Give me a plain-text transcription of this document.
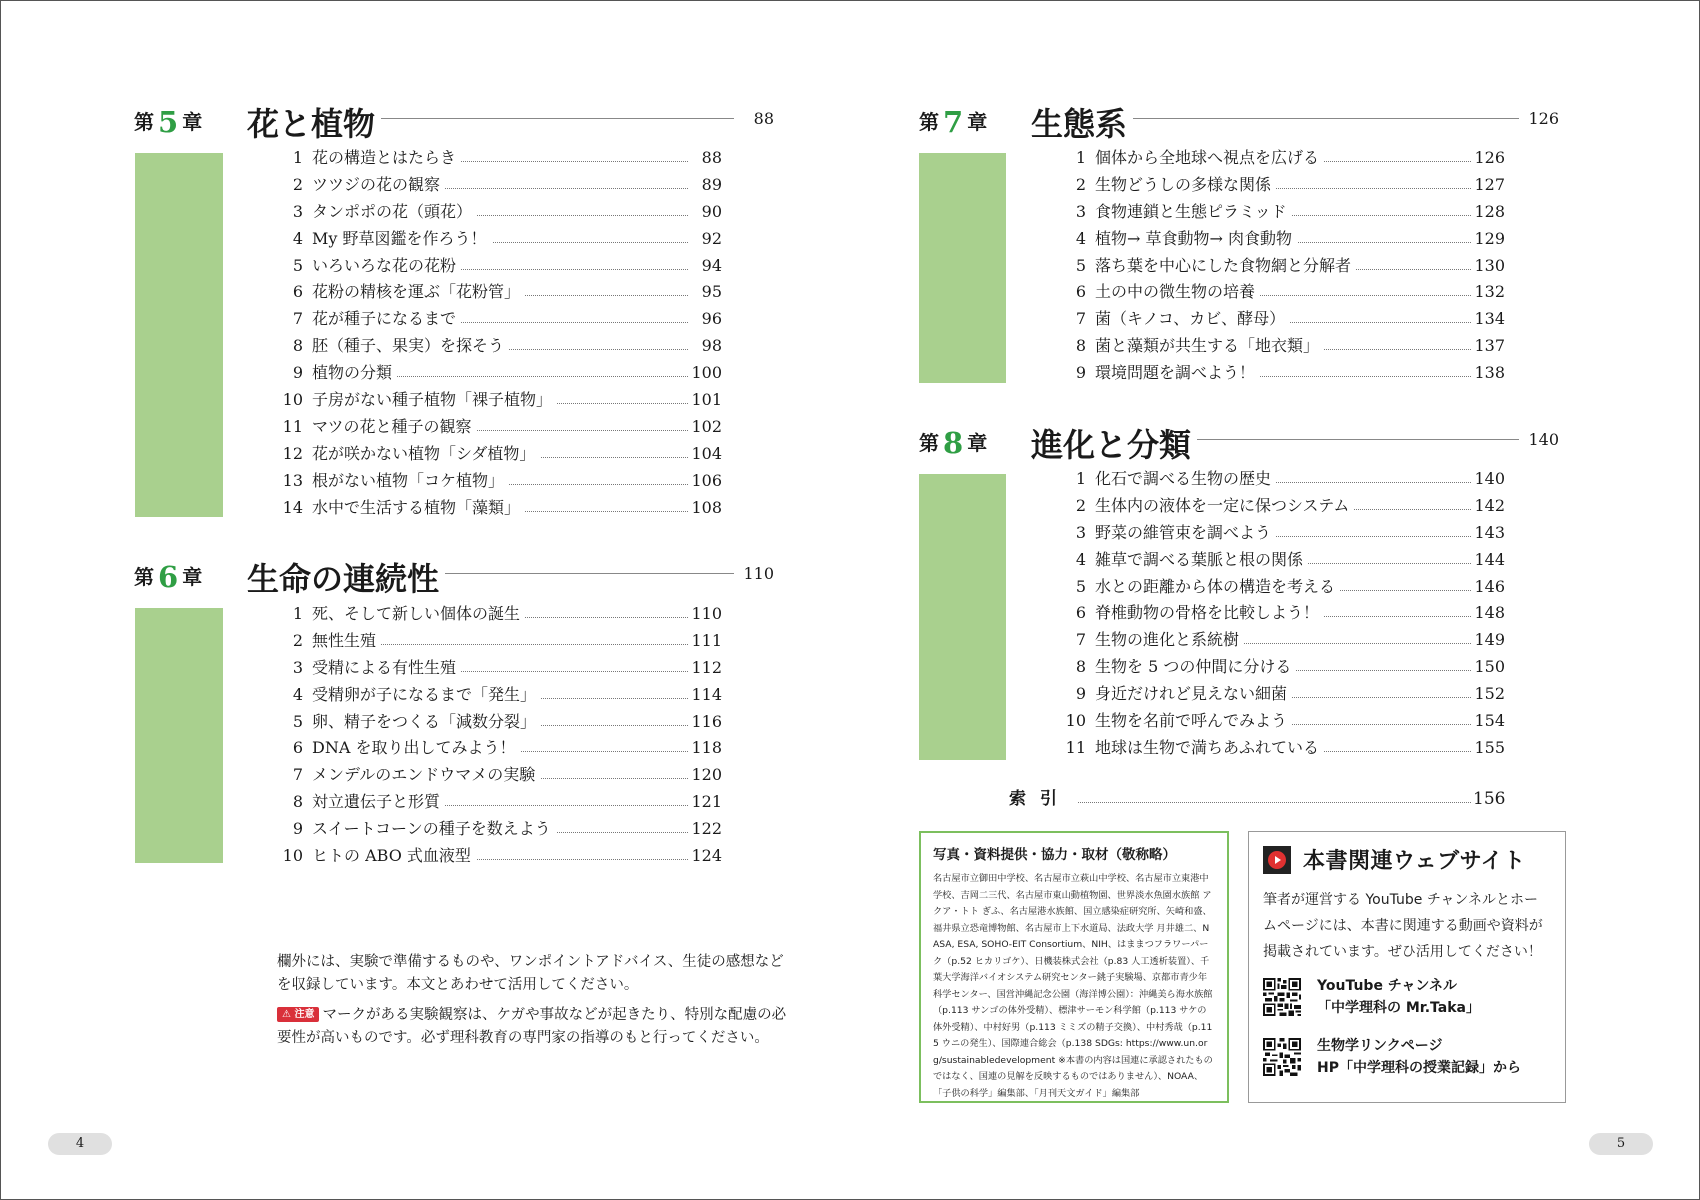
第 5 章 花と植物	88
1 花の構造とはたらき	88
2 ツツジの花の観察	89
3 タンポポの花（頭花）	90
4 My 野草図鑑を作ろう！	92
5 いろいろな花の花粉	94
6 花粉の精核を運ぶ「花粉管」	95
7 花が種子になるまで	96
8 胚（種子、果実）を探そう	98
9 植物の分類	100
10 子房がない種子植物「裸子植物」	101
11 マツの花と種子の観察	102
12 花が咲かない植物「シダ植物」	104
13 根がない植物「コケ植物」	106
14 水中で生活する植物「藻類」	108
第 6 章 生命の連続性	110
1 死、そして新しい個体の誕生	110
2 無性生殖	111
3 受精による有性生殖	112
4 受精卵が子になるまで「発生」	114
5 卵、精子をつくる「減数分裂」	116
6 DNA を取り出してみよう！	118
7 メンデルのエンドウマメの実験	120
8 対立遺伝子と形質	121
9 スイートコーンの種子を数えよう	122
10 ヒトの ABO 式血液型	124
欄外には、実験で準備するものや、ワンポイントアドバイス、生徒の感想などを収録しています。本文とあわせて活用してください。
⚠ 注意 マークがある実験観察は、ケガや事故などが起きたり、特別な配慮の必要性が高いものです。必ず理科教育の専門家の指導のもと行ってください。
第 7 章 生態系	126
1 個体から全地球へ視点を広げる	126
2 生物どうしの多様な関係	127
3 食物連鎖と生態ピラミッド	128
4 植物→ 草食動物→ 肉食動物	129
5 落ち葉を中心にした食物網と分解者	130
6 土の中の微生物の培養	132
7 菌（キノコ、カビ、酵母）	134
8 菌と藻類が共生する「地衣類」	137
9 環境問題を調べよう！	138
第 8 章 進化と分類	140
1 化石で調べる生物の歴史	140
2 生体内の液体を一定に保つシステム	142
3 野菜の維管束を調べよう	143
4 雑草で調べる葉脈と根の関係	144
5 水との距離から体の構造を考える	146
6 脊椎動物の骨格を比較しよう！	148
7 生物の進化と系統樹	149
8 生物を 5 つの仲間に分ける	150
9 身近だけれど見えない細菌	152
10 生物を名前で呼んでみよう	154
11 地球は生物で満ちあふれている	155
索引	156
写真・資料提供・協力・取材（敬称略）
名古屋市立御田中学校、名古屋市立萩山中学校、名古屋市立東港中学校、吉岡二三代、名古屋市東山動植物園、世界淡水魚園水族館 アクア・トト ぎふ、名古屋港水族館、国立感染症研究所、矢崎和盛、福井県立恐竜博物館、名古屋市上下水道局、法政大学 月井雄二、NASA, ESA, SOHO-EIT Consortium、NIH、はままつフラワーパーク（p.52 ヒカリゴケ）、日機装株式会社（p.83 人工透析装置）、千葉大学海洋バイオシステム研究センター銚子実験場、京都市青少年科学センター、国営沖縄記念公園（海洋博公園）：沖縄美ら海水族館（p.113 サンゴの体外受精）、標津サーモン科学館（p.113 サケの体外受精）、中村好男（p.113 ミミズの精子交換）、中村秀哉（p.115 ウニの発生）、国際連合総会（p.138 SDGs: https://www.un.org/sustainabledevelopment ※本書の内容は国連に承認されたものではなく、国連の見解を反映するものではありません）、NOAA、「子供の科学」編集部、「月刊天文ガイド」編集部
本書関連ウェブサイト
筆者が運営する YouTube チャンネルとホームページには、本書に関連する動画や資料が掲載されています。ぜひ活用してください！
YouTube チャンネル
「中学理科の Mr.Taka」
生物学リンクページ
HP「中学理科の授業記録」から
4	5
